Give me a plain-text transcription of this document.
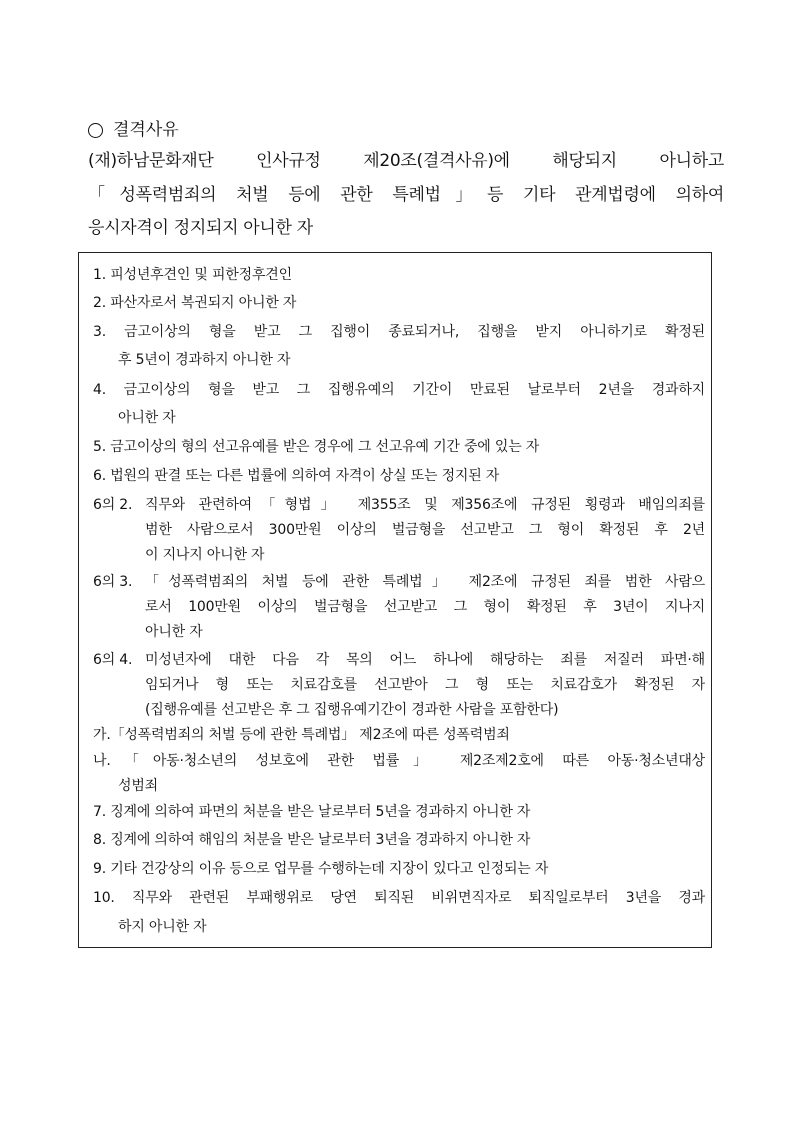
결격사유
(재)하남문화재단 인사규정 제20조(결격사유)에 해당되지 아니하고
「성폭력범죄의 처벌 등에 관한 특례법」등 기타 관계법령에 의하여
응시자격이 정지되지 아니한 자
1. 피성년후견인 및 피한정후견인
2. 파산자로서 복권되지 아니한 자
3. 금고이상의 형을 받고 그 집행이 종료되거나, 집행을 받지 아니하기로 확정된
후 5년이 경과하지 아니한 자
4. 금고이상의 형을 받고 그 집행유예의 기간이 만료된 날로부터 2년을 경과하지
아니한 자
5. 금고이상의 형의 선고유예를 받은 경우에 그 선고유예 기간 중에 있는 자
6. 법원의 판결 또는 다른 법률에 의하여 자격이 상실 또는 정지된 자
6의 2. 직무와 관련하여「형법」 제355조 및 제356조에 규정된 횡령과 배임의죄를
범한 사람으로서 300만원 이상의 벌금형을 선고받고 그 형이 확정된 후 2년
이 지나지 아니한 자
6의 3. 「성폭력범죄의 처벌 등에 관한 특례법」 제2조에 규정된 죄를 범한 사람으
로서 100만원 이상의 벌금형을 선고받고 그 형이 확정된 후 3년이 지나지
아니한 자
6의 4. 미성년자에 대한 다음 각 목의 어느 하나에 해당하는 죄를 저질러 파면·해
임되거나 형 또는 치료감호를 선고받아 그 형 또는 치료감호가 확정된 자
(집행유예를 선고받은 후 그 집행유예기간이 경과한 사람을 포함한다)
가.「성폭력범죄의 처벌 등에 관한 특례법」 제2조에 따른 성폭력범죄
나.「아동·청소년의 성보호에 관한 법률」 제2조제2호에 따른 아동·청소년대상
성범죄
7. 징계에 의하여 파면의 처분을 받은 날로부터 5년을 경과하지 아니한 자
8. 징계에 의하여 해임의 처분을 받은 날로부터 3년을 경과하지 아니한 자
9. 기타 건강상의 이유 등으로 업무를 수행하는데 지장이 있다고 인정되는 자
10. 직무와 관련된 부패행위로 당연 퇴직된 비위면직자로 퇴직일로부터 3년을 경과
하지 아니한 자
